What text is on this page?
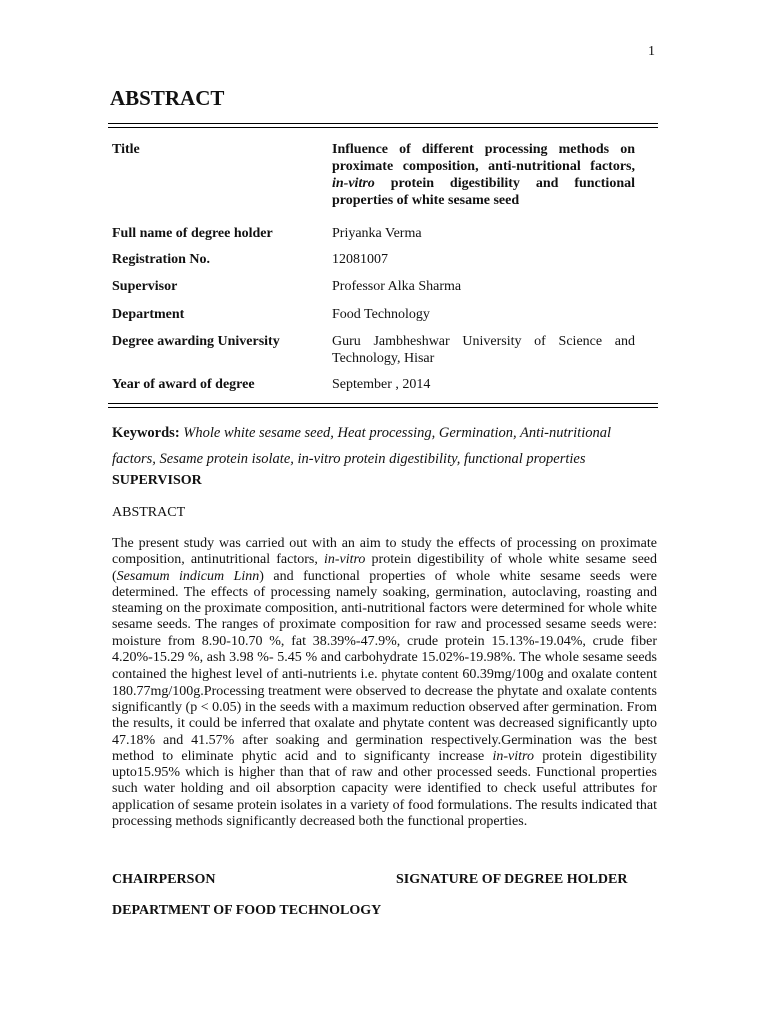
1
ABSTRACT
Title	Influence of different processing methods on proximate composition, anti-nutritional factors, in-vitro protein digestibility and functional properties of white sesame seed
Full name of degree holder	Priyanka Verma
Registration No.	12081007
Supervisor	Professor Alka Sharma
Department	Food Technology
Degree awarding University	Guru Jambheshwar University of Science and Technology, Hisar
Year of award of degree	September , 2014
Keywords: Whole white sesame seed, Heat processing, Germination, Anti-nutritional factors, Sesame protein isolate, in-vitro protein digestibility, functional properties
SUPERVISOR
ABSTRACT

The present study was carried out with an aim to study the effects of processing on proximate composition, antinutritional factors, in-vitro protein digestibility of whole white sesame seed (Sesamum indicum Linn) and functional properties of whole white sesame seeds were determined. The effects of processing namely soaking, germination, autoclaving, roasting and steaming on the proximate composition, anti-nutritional factors were determined for whole white sesame seeds. The ranges of proximate composition for raw and processed sesame seeds were: moisture from 8.90-10.70 %, fat 38.39%-47.9%, crude protein 15.13%-19.04%, crude fiber 4.20%-15.29 %, ash 3.98 %- 5.45 % and carbohydrate 15.02%-19.98%. The whole sesame seeds contained the highest level of anti-nutrients i.e. phytate content 60.39mg/100g and oxalate content 180.77mg/100g.Processing treatment were observed to decrease the phytate and oxalate contents significantly (p < 0.05) in the seeds with a maximum reduction observed after germination. From the results, it could be inferred that oxalate and phytate content was decreased significantly upto 47.18% and 41.57% after soaking and germination respectively.Germination was the best method to eliminate phytic acid and to significanty increase in-vitro protein digestibility upto15.95% which is higher than that of raw and other processed seeds. Functional properties such water holding and oil absorption capacity were identified to check useful attributes for application of sesame protein isolates in a variety of food formulations. The results indicated that processing methods significantly decreased both the functional properties.

CHAIRPERSON	SIGNATURE OF DEGREE HOLDER
DEPARTMENT OF FOOD TECHNOLOGY
